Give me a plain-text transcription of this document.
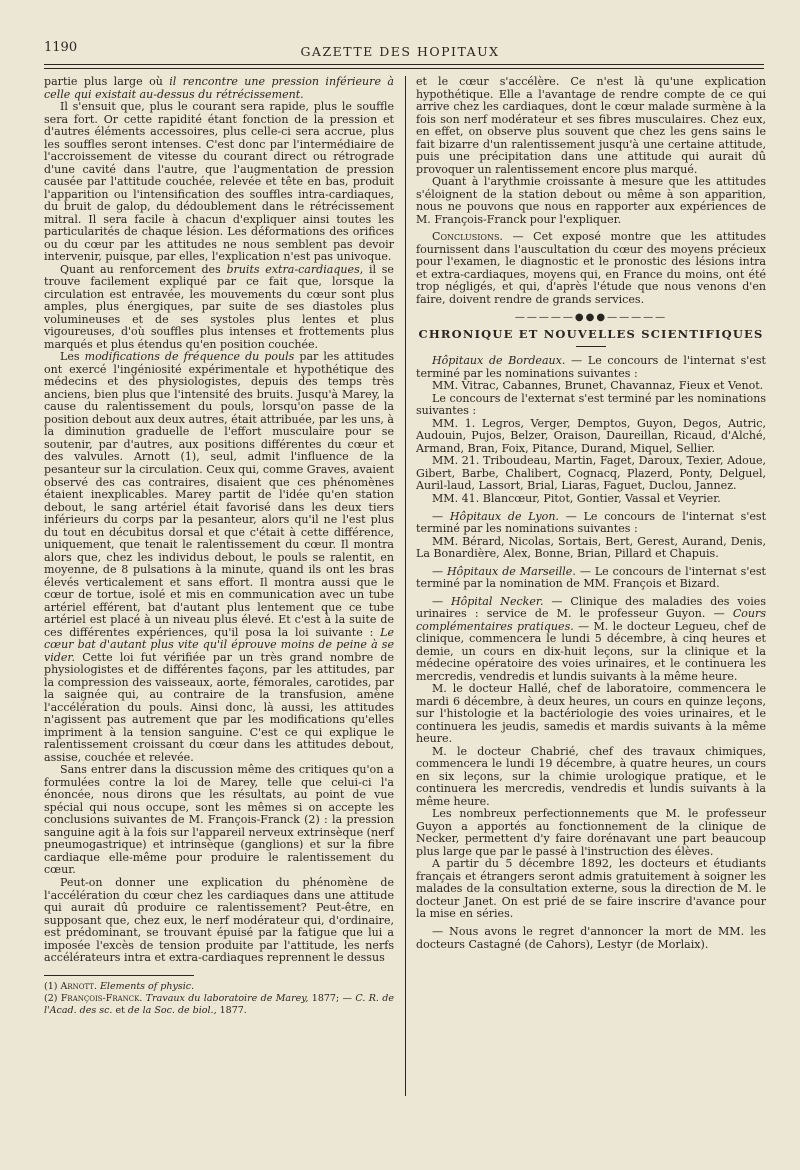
1190	GAZETTE DES HOPITAUX

partie plus large où il rencontre une pression inférieure à celle qui existait au-dessus du rétrécissement.

Il s'ensuit que, plus le courant sera rapide, plus le souffle sera fort. Or cette rapidité étant fonction de la pression et d'autres éléments accessoires, plus celle-ci sera accrue, plus les souffles seront intenses. C'est donc par l'intermédiaire de l'accroissement de vitesse du courant direct ou rétrograde d'une cavité dans l'autre, que l'augmentation de pression causée par l'attitude couchée, relevée et tête en bas, produit l'apparition ou l'intensification des souffles intra-cardiaques, du bruit de galop, du dédoublement dans le rétrécissement mitral. Il sera facile à chacun d'expliquer ainsi toutes les particularités de chaque lésion. Les déformations des orifices ou du cœur par les attitudes ne nous semblent pas devoir intervenir, puisque, par elles, l'explication n'est pas univoque.

Quant au renforcement des bruits extra-cardiaques, il se trouve facilement expliqué par ce fait que, lorsque la circulation est entravée, les mouvements du cœur sont plus amples, plus énergiques, par suite de ses diastoles plus volumineuses et de ses systoles plus lentes et plus vigoureuses, d'où souffles plus intenses et frottements plus marqués et plus étendus qu'en position couchée.

Les modifications de fréquence du pouls par les attitudes ont exercé l'ingéniosité expérimentale et hypothétique des médecins et des physiologistes, depuis des temps très anciens, bien plus que l'intensité des bruits. Jusqu'à Marey, la cause du ralentissement du pouls, lorsqu'on passe de la position debout aux deux autres, était attribuée, par les uns, à la diminution graduelle de l'effort musculaire pour se soutenir, par d'autres, aux positions différentes du cœur et des valvules. Arnott (1), seul, admit l'influence de la pesanteur sur la circulation. Ceux qui, comme Graves, avaient observé des cas contraires, disaient que ces phénomènes étaient inexplicables. Marey partit de l'idée qu'en station debout, le sang artériel était favorisé dans les deux tiers inférieurs du corps par la pesanteur, alors qu'il ne l'est plus du tout en décubitus dorsal et que c'était à cette différence, uniquement, que tenait le ralentissement du cœur. Il montra alors que, chez les individus debout, le pouls se ralentit, en moyenne, de 8 pulsations à la minute, quand ils ont les bras élevés verticalement et sans effort. Il montra aussi que le cœur de tortue, isolé et mis en communication avec un tube artériel efférent, bat d'autant plus lentement que ce tube artériel est placé à un niveau plus élevé. Et c'est à la suite de ces différentes expériences, qu'il posa la loi suivante : Le cœur bat d'autant plus vite qu'il éprouve moins de peine à se vider. Cette loi fut vérifiée par un très grand nombre de physiologistes et de différentes façons, par les attitudes, par la compression des vaisseaux, aorte, fémorales, carotides, par la saignée qui, au contraire de la transfusion, amène l'accélération du pouls. Ainsi donc, là aussi, les attitudes n'agissent pas autrement que par les modifications qu'elles impriment à la tension sanguine. C'est ce qui explique le ralentissement croissant du cœur dans les attitudes debout, assise, couchée et relevée.

Sans entrer dans la discussion même des critiques qu'on a formulées contre la loi de Marey, telle que celui-ci l'a énoncée, nous dirons que les résultats, au point de vue spécial qui nous occupe, sont les mêmes si on accepte les conclusions suivantes de M. François-Franck (2) : la pression sanguine agit à la fois sur l'appareil nerveux extrinsèque (nerf pneumogastrique) et intrinsèque (ganglions) et sur la fibre cardiaque elle-même pour produire le ralentissement du cœur.

Peut-on donner une explication du phénomène de l'accélération du cœur chez les cardiaques dans une attitude qui aurait dû produire ce ralentissement? Peut-être, en supposant que, chez eux, le nerf modérateur qui, d'ordinaire, est prédominant, se trouvant épuisé par la fatigue que lui a imposée l'excès de tension produite par l'attitude, les nerfs accélérateurs intra et extra-cardiaques reprennent le dessus

(1) Arnott. Elements of physic.

(2) François-Franck. Travaux du laboratoire de Marey, 1877; — C. R. de l'Acad. des sc. et de la Soc. de biol., 1877.

et le cœur s'accélère. Ce n'est là qu'une explication hypothétique. Elle a l'avantage de rendre compte de ce qui arrive chez les cardiaques, dont le cœur malade surmène à la fois son nerf modérateur et ses fibres musculaires. Chez eux, en effet, on observe plus souvent que chez les gens sains le fait bizarre d'un ralentissement jusqu'à une certaine attitude, puis une précipitation dans une attitude qui aurait dû provoquer un ralentissement encore plus marqué.

Quant à l'arythmie croissante à mesure que les attitudes s'éloignent de la station debout ou même à son apparition, nous ne pouvons que nous en rapporter aux expériences de M. François-Franck pour l'expliquer.

Conclusions. — Cet exposé montre que les attitudes fournissent dans l'auscultation du cœur des moyens précieux pour l'examen, le diagnostic et le pronostic des lésions intra et extra-cardiaques, moyens qui, en France du moins, ont été trop négligés, et qui, d'après l'étude que nous venons d'en faire, doivent rendre de grands services.

—————●●●—————

CHRONIQUE ET NOUVELLES SCIENTIFIQUES

Hôpitaux de Bordeaux. — Le concours de l'internat s'est terminé par les nominations suivantes :

MM. Vitrac, Cabannes, Brunet, Chavannaz, Fieux et Venot.

Le concours de l'externat s'est terminé par les nominations suivantes :

MM. 1. Legros, Verger, Demptos, Guyon, Degos, Autric, Audouin, Pujos, Belzer, Oraison, Daureillan, Ricaud, d'Alché, Armand, Bran, Foix, Pitance, Durand, Miquel, Sellier.

MM. 21. Triboudeau, Martin, Faget, Daroux, Texier, Adoue, Gibert, Barbe, Chalibert, Cognacq, Plazerd, Ponty, Delguel, Auril-laud, Lassort, Brial, Liaras, Faguet, Duclou, Jannez.

MM. 41. Blancœur, Pitot, Gontier, Vassal et Veyrier.

— Hôpitaux de Lyon. — Le concours de l'internat s'est terminé par les nominations suivantes :

MM. Bérard, Nicolas, Sortais, Bert, Gerest, Aurand, Denis, La Bonardière, Alex, Bonne, Brian, Pillard et Chapuis.

— Hôpitaux de Marseille. — Le concours de l'internat s'est terminé par la nomination de MM. François et Bizard.

— Hôpital Necker. — Clinique des maladies des voies urinaires : service de M. le professeur Guyon. — Cours complémentaires pratiques. — M. le docteur Legueu, chef de clinique, commencera le lundi 5 décembre, à cinq heures et demie, un cours en dix-huit leçons, sur la clinique et la médecine opératoire des voies urinaires, et le continuera les mercredis, vendredis et lundis suivants à la même heure.

M. le docteur Hallé, chef de laboratoire, commencera le mardi 6 décembre, à deux heures, un cours en quinze leçons, sur l'histologie et la bactériologie des voies urinaires, et le continuera les jeudis, samedis et mardis suivants à la même heure.

M. le docteur Chabrié, chef des travaux chimiques, commencera le lundi 19 décembre, à quatre heures, un cours en six leçons, sur la chimie urologique pratique, et le continuera les mercredis, vendredis et lundis suivants à la même heure.

Les nombreux perfectionnements que M. le professeur Guyon a apportés au fonctionnement de la clinique de Necker, permettent d'y faire dorénavant une part beaucoup plus large que par le passé à l'instruction des élèves.

A partir du 5 décembre 1892, les docteurs et étudiants français et étrangers seront admis gratuitement à soigner les malades de la consultation externe, sous la direction de M. le docteur Janet. On est prié de se faire inscrire d'avance pour la mise en séries.

— Nous avons le regret d'annoncer la mort de MM. les docteurs Castagné (de Cahors), Lestyr (de Morlaix).
